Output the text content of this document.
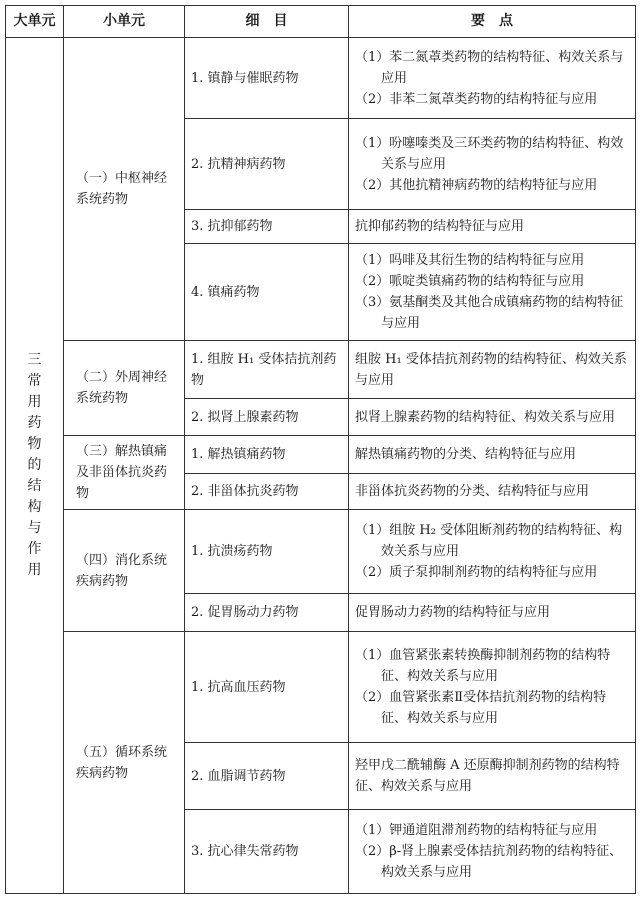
大单元	小单元	细　目	要　点

三常用药物的结构与作用	（一）中枢神经系统药物	1. 镇静与催眠药物	（1）苯二氮䓬类药物的结构特征、构效关系与应用
（2）非苯二氮䓬类药物的结构特征与应用

		2. 抗精神病药物	（1）吩噻嗪类及三环类药物的结构特征、构效关系与应用
（2）其他抗精神病药物的结构特征与应用

		3. 抗抑郁药物	抗抑郁药物的结构特征与应用

		4. 镇痛药物	（1）吗啡及其衍生物的结构特征与应用
（2）哌啶类镇痛药物的结构特征与应用
（3）氨基酮类及其他合成镇痛药物的结构特征与应用

	（二）外周神经系统药物	1. 组胺 H₁ 受体拮抗剂药物	组胺 H₁ 受体拮抗剂药物的结构特征、构效关系与应用

		2. 拟肾上腺素药物	拟肾上腺素药物的结构特征、构效关系与应用

	（三）解热镇痛及非甾体抗炎药物	1. 解热镇痛药物	解热镇痛药物的分类、结构特征与应用

		2. 非甾体抗炎药物	非甾体抗炎药物的分类、结构特征与应用

	（四）消化系统疾病药物	1. 抗溃疡药物	（1）组胺 H₂ 受体阻断剂药物的结构特征、构效关系与应用
（2）质子泵抑制剂药物的结构特征与应用

		2. 促胃肠动力药物	促胃肠动力药物的结构特征与应用

	（五）循环系统疾病药物	1. 抗高血压药物	（1）血管紧张素转换酶抑制剂药物的结构特征、构效关系与应用
（2）血管紧张素Ⅱ受体拮抗剂药物的结构特征、构效关系与应用

		2. 血脂调节药物	羟甲戊二酰辅酶 A 还原酶抑制剂药物的结构特征、构效关系与应用

		3. 抗心律失常药物	（1）钾通道阻滞剂药物的结构特征与应用
（2）β-肾上腺素受体拮抗剂药物的结构特征、构效关系与应用
